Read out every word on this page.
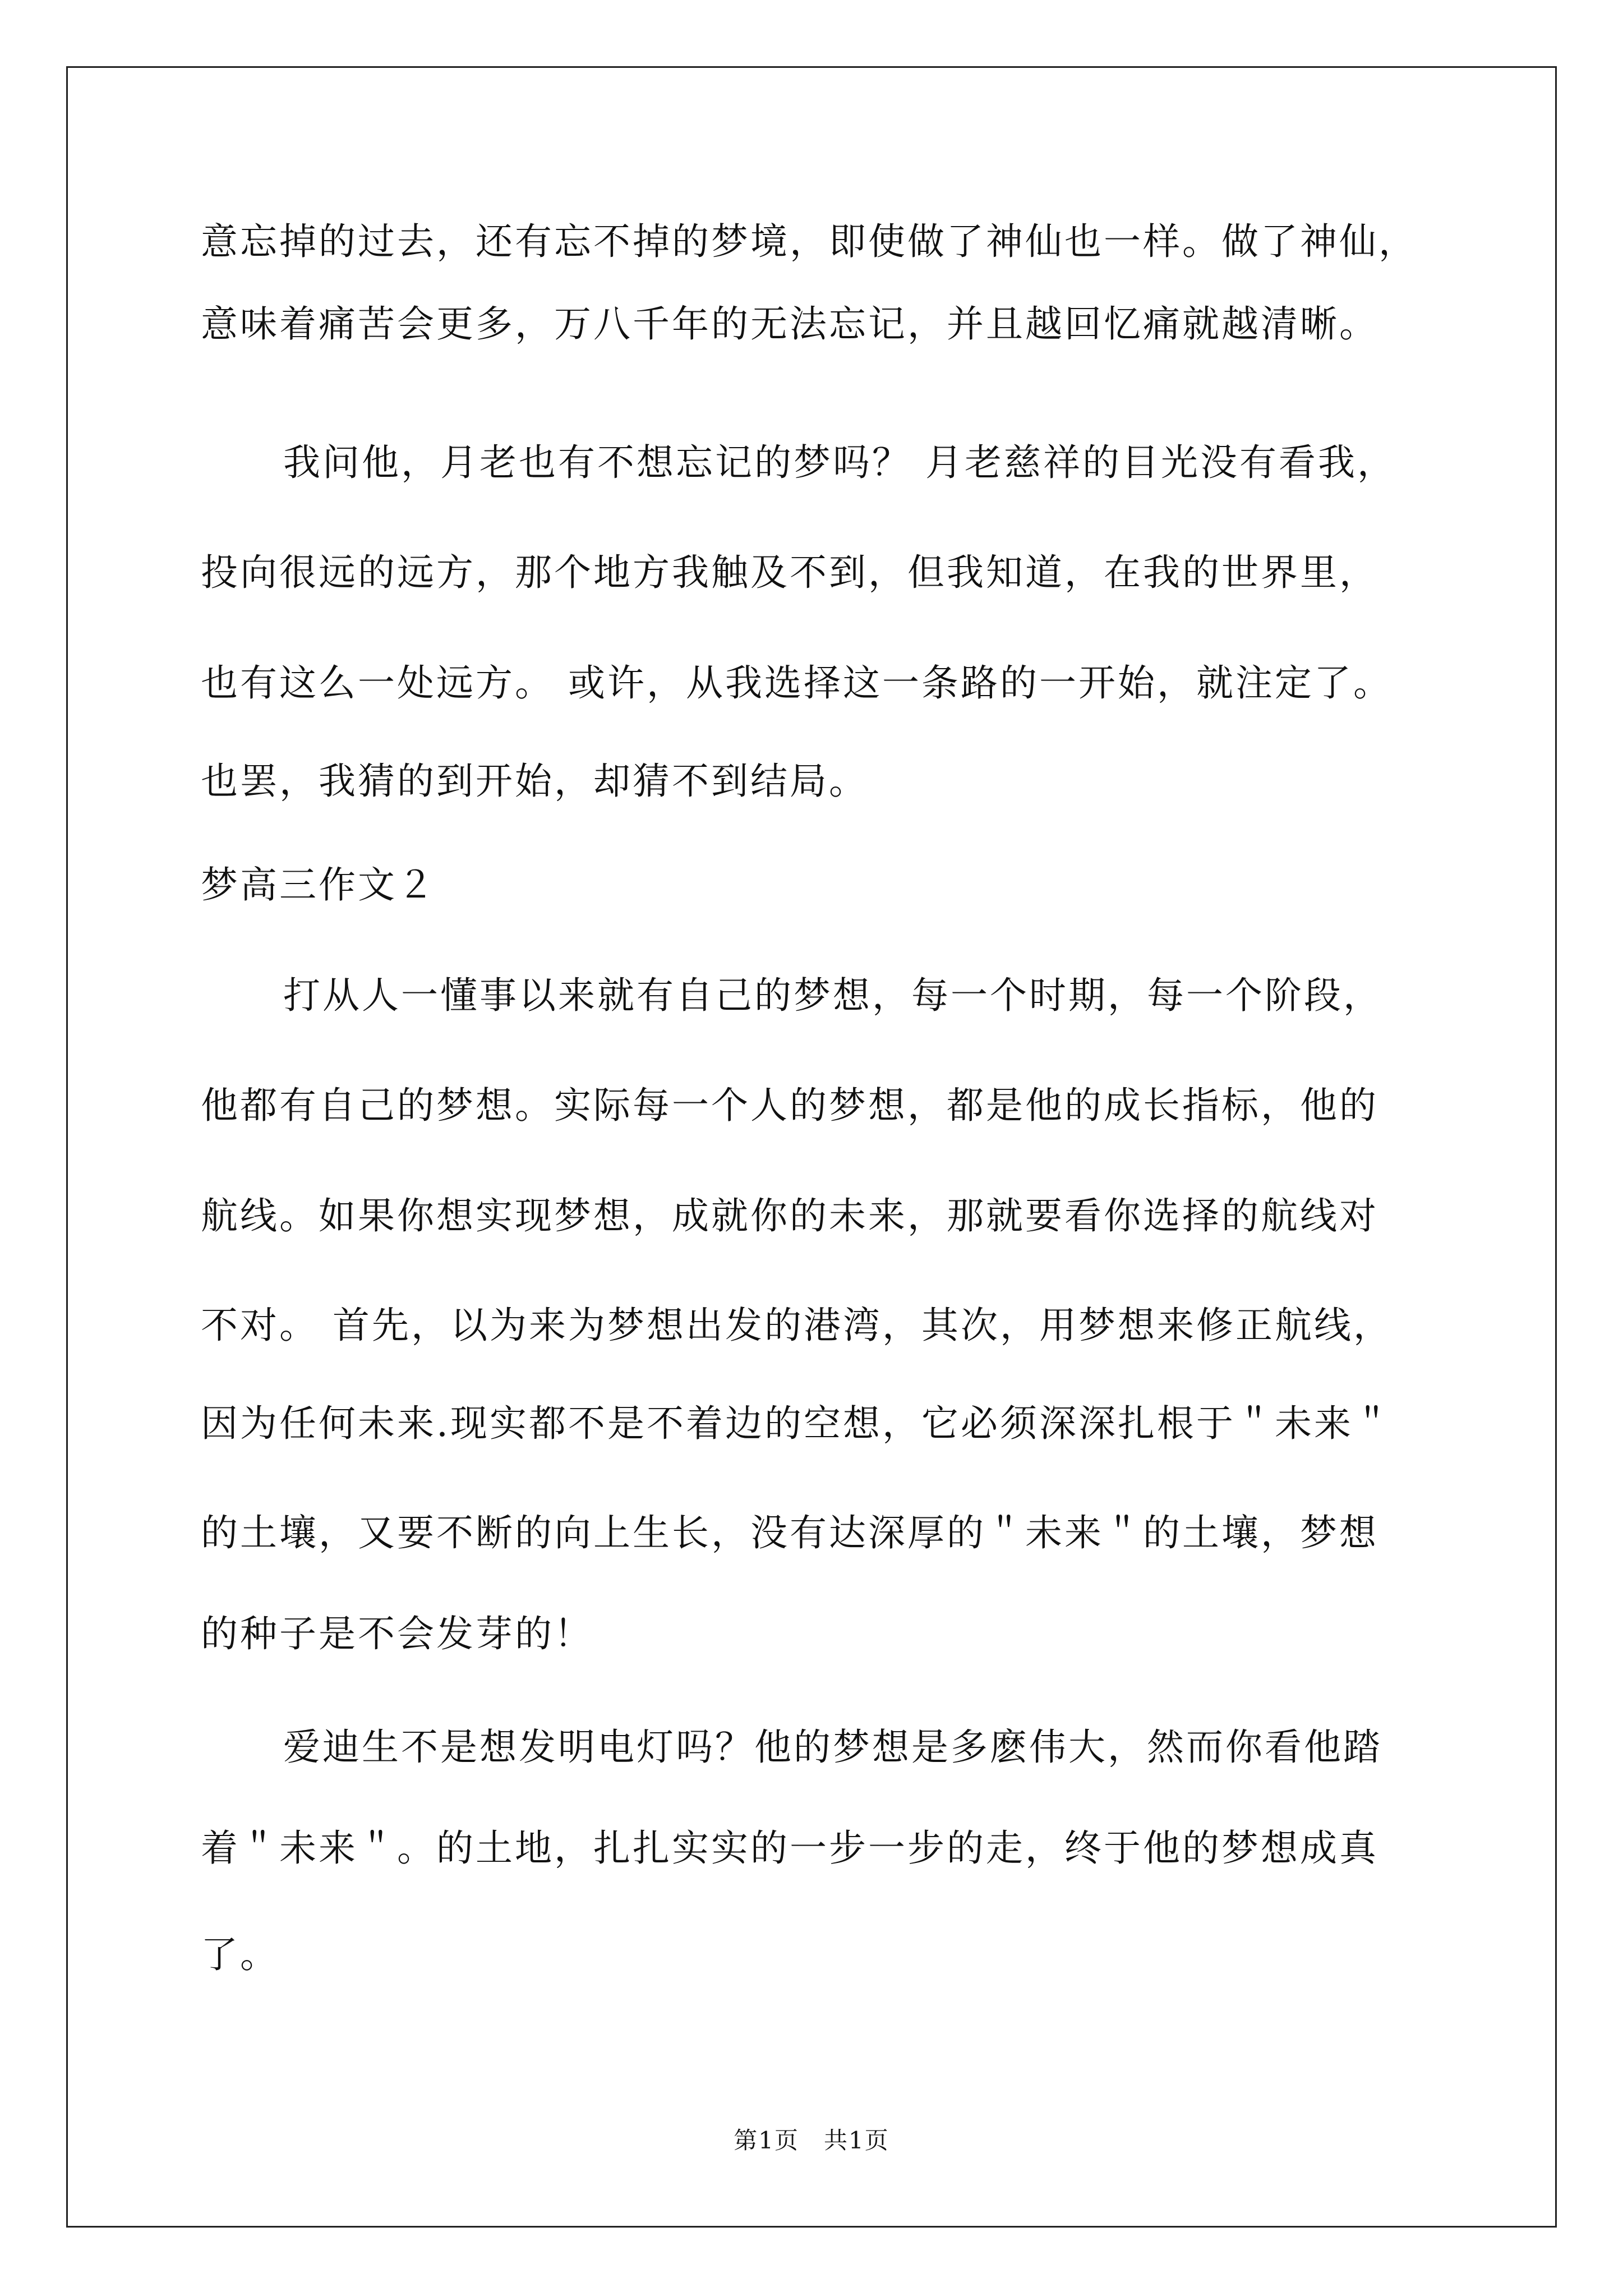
意忘掉的过去，还有忘不掉的梦境，即使做了神仙也一样。做了神仙，

意味着痛苦会更多，万八千年的无法忘记，并且越回忆痛就越清晰。

我问他，月老也有不想忘记的梦吗？ 月老慈祥的目光没有看我，

投向很远的远方，那个地方我触及不到，但我知道，在我的世界里，

也有这么一处远方。 或许，从我选择这一条路的一开始，就注定了。

也罢，我猜的到开始，却猜不到结局。

梦高三作文２

打从人一懂事以来就有自己的梦想，每一个时期，每一个阶段，

他都有自己的梦想。实际每一个人的梦想，都是他的成长指标，他的

航线。如果你想实现梦想，成就你的未来，那就要看你选择的航线对

不对。 首先，以为来为梦想出发的港湾，其次，用梦想来修正航线，

因为任何未来.现实都不是不着边的空想，它必须深深扎根于＂未来＂

的土壤，又要不断的向上生长，没有达深厚的＂未来＂的土壤，梦想

的种子是不会发芽的！

爱迪生不是想发明电灯吗？他的梦想是多麽伟大，然而你看他踏

着＂未来＂。的土地，扎扎实实的一步一步的走，终于他的梦想成真

了。

第1页　共1页
